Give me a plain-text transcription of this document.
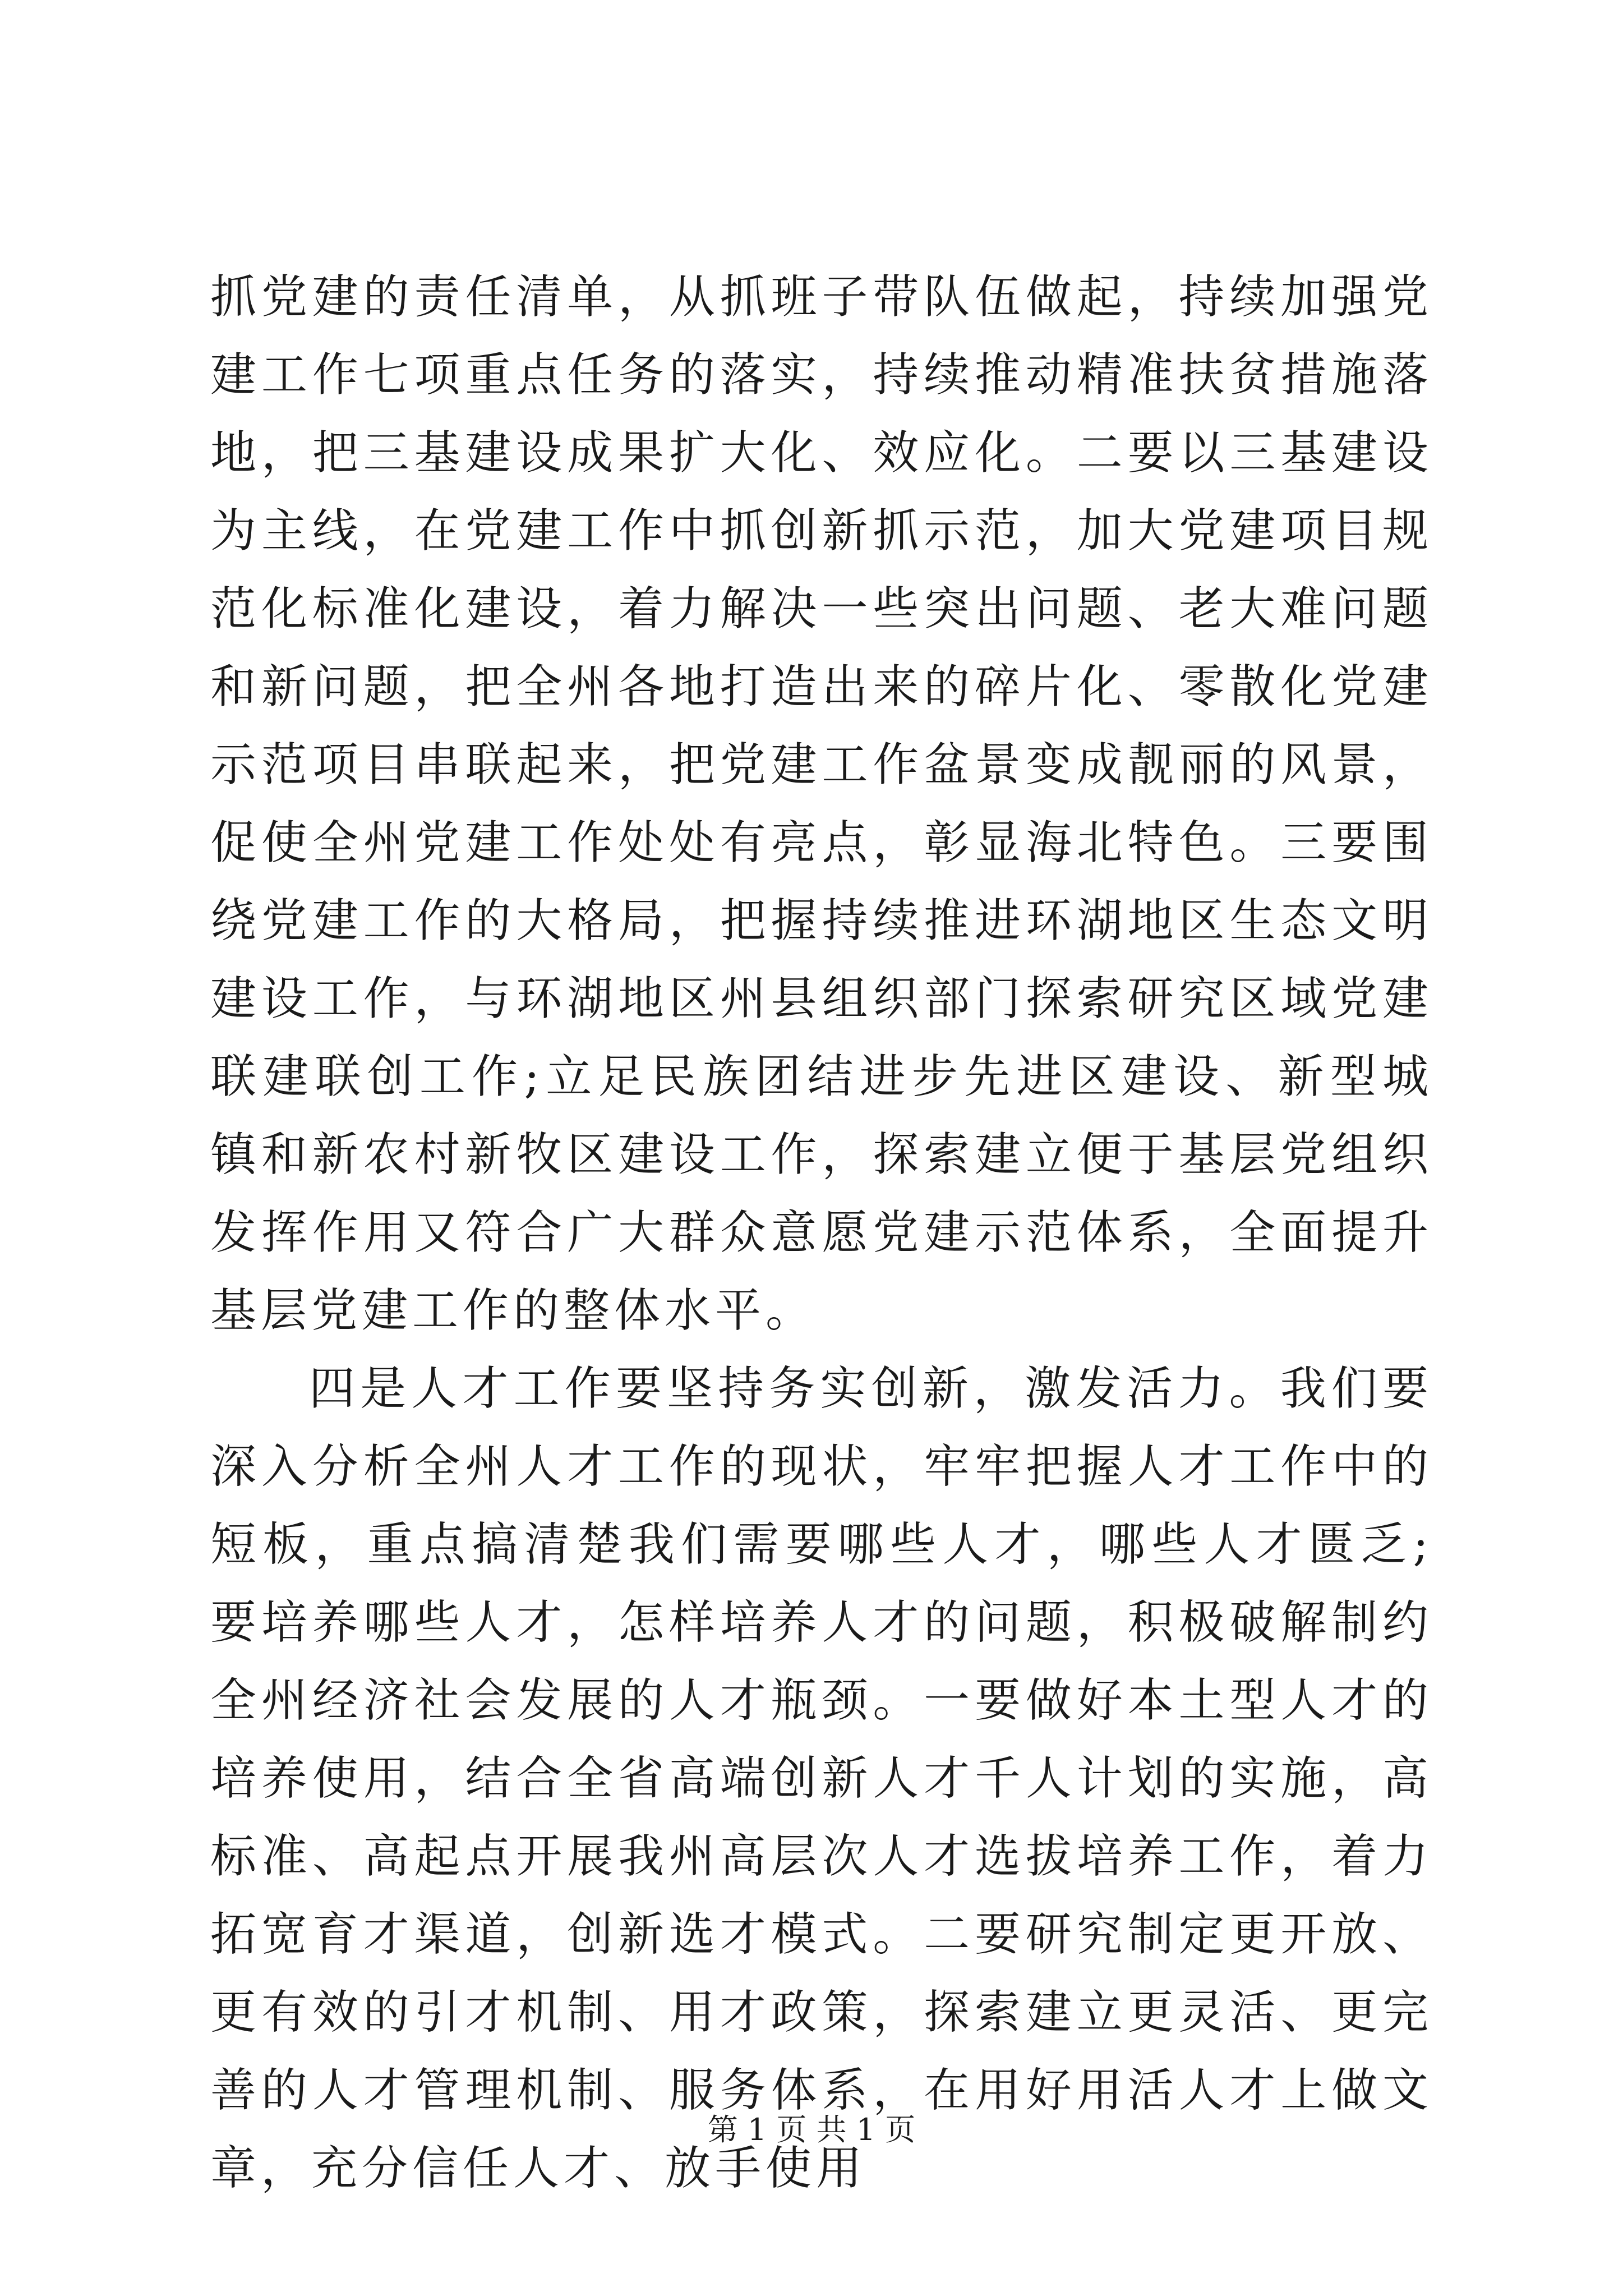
抓党建的责任清单，从抓班子带队伍做起，持续加强党建工作七项重点任务的落实，持续推动精准扶贫措施落地，把三基建设成果扩大化、效应化。二要以三基建设为主线，在党建工作中抓创新抓示范，加大党建项目规范化标准化建设，着力解决一些突出问题、老大难问题和新问题，把全州各地打造出来的碎片化、零散化党建示范项目串联起来，把党建工作盆景变成靓丽的风景，促使全州党建工作处处有亮点，彰显海北特色。三要围绕党建工作的大格局，把握持续推进环湖地区生态文明建设工作，与环湖地区州县组织部门探索研究区域党建联建联创工作;立足民族团结进步先进区建设、新型城镇和新农村新牧区建设工作，探索建立便于基层党组织发挥作用又符合广大群众意愿党建示范体系，全面提升基层党建工作的整体水平。

四是人才工作要坚持务实创新，激发活力。我们要深入分析全州人才工作的现状，牢牢把握人才工作中的短板，重点搞清楚我们需要哪些人才，哪些人才匮乏;要培养哪些人才，怎样培养人才的问题，积极破解制约全州经济社会发展的人才瓶颈。一要做好本土型人才的培养使用，结合全省高端创新人才千人计划的实施，高标准、高起点开展我州高层次人才选拔培养工作，着力拓宽育才渠道，创新选才模式。二要研究制定更开放、更有效的引才机制、用才政策，探索建立更灵活、更完善的人才管理机制、服务体系，在用好用活人才上做文章，充分信任人才、放手使用

第 1 页 共 1 页
